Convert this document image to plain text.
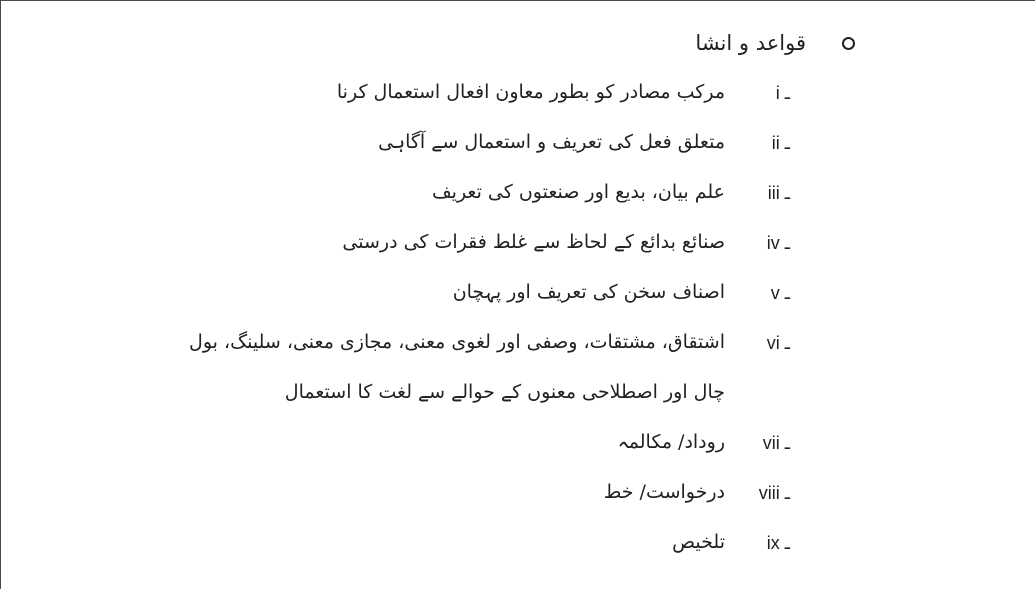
قواعد و انشا
i ـ
مرکب مصادر کو بطور معاون افعال استعمال کرنا
ii ـ
متعلق فعل کی تعریف و استعمال سے آگاہی
iii ـ
علم بیان، بدیع اور صنعتوں کی تعریف
iv ـ
صنائع بدائع کے لحاظ سے غلط فقرات کی درستی
v ـ
اصناف سخن کی تعریف اور پہچان
vi ـ
اشتقاق، مشتقات، وصفی اور لغوی معنی، مجازی معنی، سلینگ، بول چال اور اصطلاحی معنوں کے حوالے سے لغت کا استعمال
vii ـ
روداد/ مکالمہ
viii ـ
درخواست/ خط
ix ـ
تلخیص
